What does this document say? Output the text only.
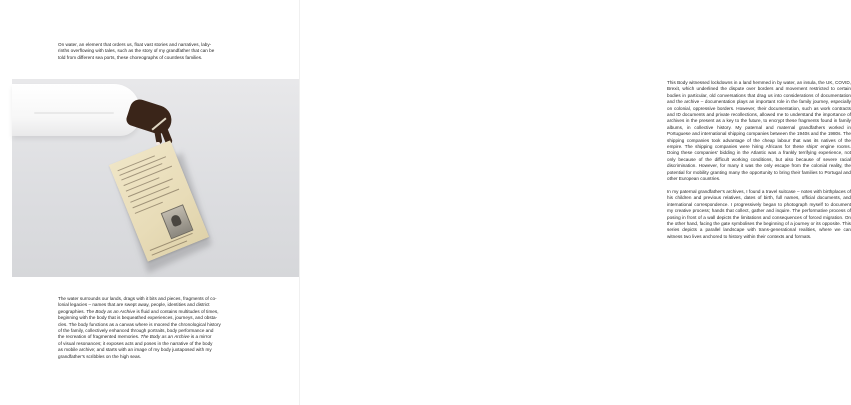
On water, an element that orders us, float vast stories and narratives, laby-
rinths overflowing with tales, such as the story of my grandfather that can be
told from different sea ports, these choreographs of countless families.

The water surrounds our lands, drags with it bits and pieces, fragments of co-
lonial legacies – names that are swept away, people, identities and district
geographies. The Body as an Archive is fluid and contains multitudes of times,
beginning with the body that is bequeathed experiences, journeys, and obsta-
cles. The body functions as a canvas where is moored the chronological history
of the family, collectively enhanced through portraits, body performance and
the recreation of fragmented memories. The Body as an Archive is a mirror
of visual resonances; it exposes acts and poses in the narrative of the body
as mobile archive; and starts with an image of my body juxtaposed with my
grandfather's scribbles on the high seas.

This Body witnessed lockdowns in a land hemmed in by water, an insula, the UK, COVID, Brexit, which underlined the dispute over borders and movement restricted to certain bodies in particular, old conversations that drag us into considerations of documentation and the archive – documentation plays an important role in the family journey, especially on colonial, oppressive borders. However, their documentation, such as work contracts and ID documents and private recollections, allowed me to understand the importance of archives in the present as a key to the future, to encrypt these fragments found in family albums, in collective history. My paternal and maternal grandfathers worked in Portuguese and international shipping companies between the 1940s and the 1980s. The shipping companies took advantage of the cheap labour that was its natives of the empire. The shipping companies were hiring Africans for these ships' engine rooms. Doing these companies' bidding in the Atlantic was a frankly terrifying experience, not only because of the difficult working conditions, but also because of severe racial discrimination. However, for many it was the only escape from the colonial reality, the potential for mobility granting many the opportunity to bring their families to Portugal and other European countries.

In my paternal grandfather's archives, I found a travel suitcase – notes with birthplaces of his children and previous relatives, dates of birth, full names, official documents, and international correspondence. I progressively began to photograph myself to document my creative process; hands that collect, gather and inquire. The performative process of posing in front of a wall depicts the limitations and consequences of forced migration. On the other hand, facing the gate symbolises the beginning of a journey or its opposite. This series depicts a parallel landscape with trans-generational realities, where we can witness two lives anchored to history within their contexts and formats.
